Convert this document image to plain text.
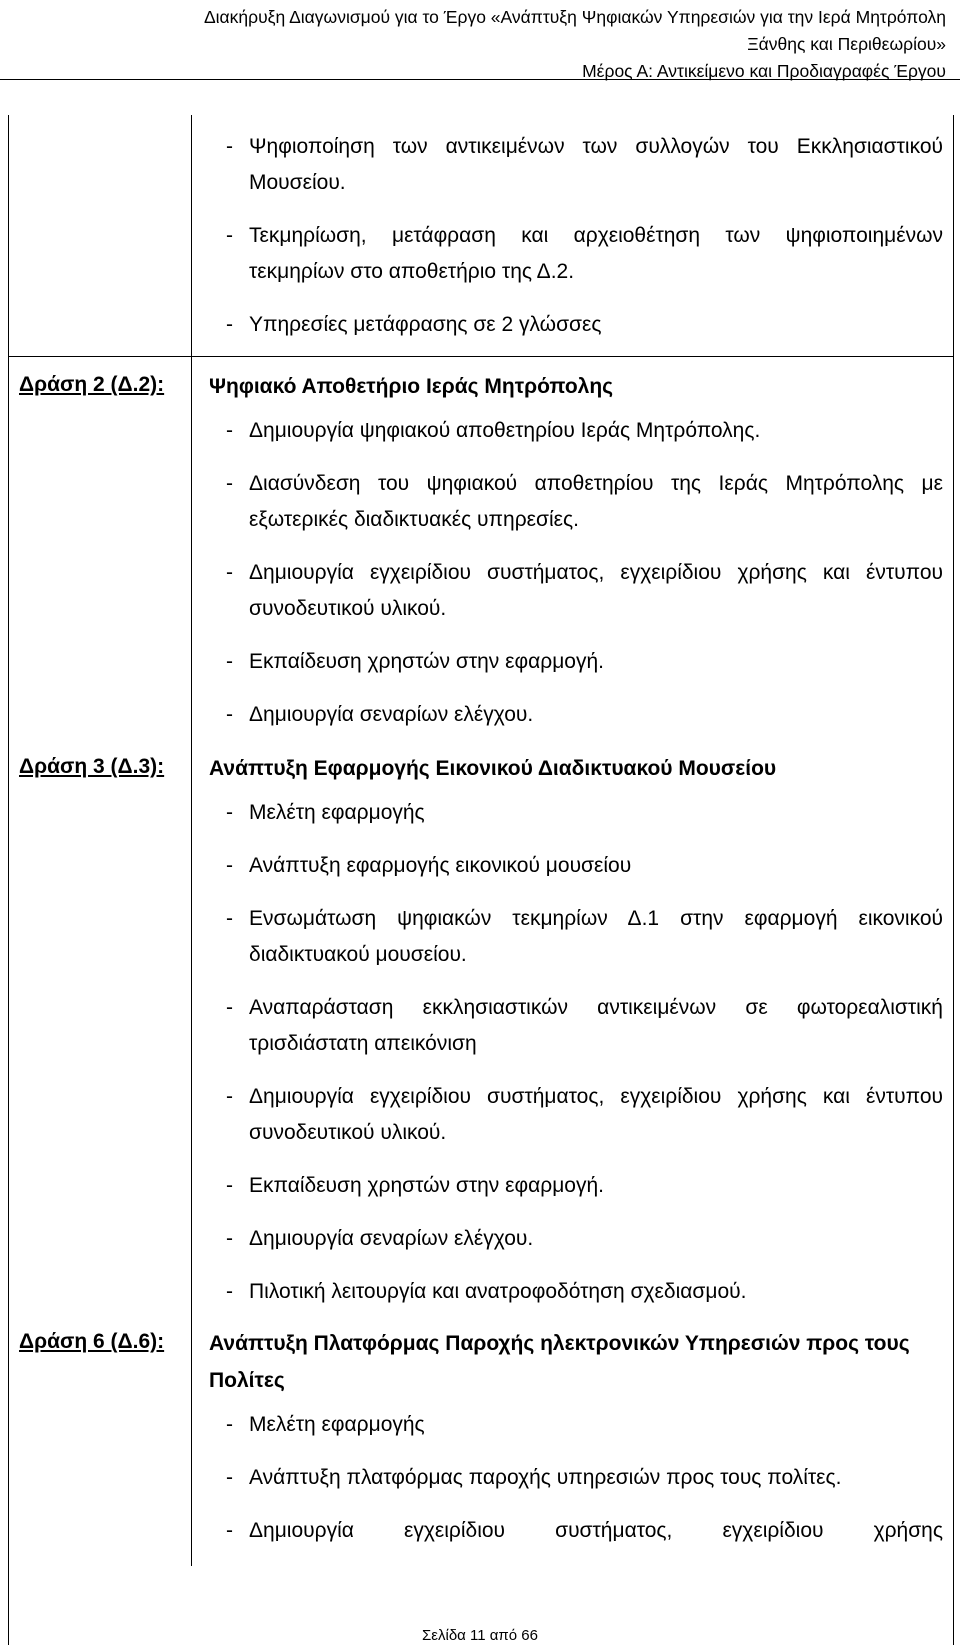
Διακήρυξη Διαγωνισμού για το Έργο «Ανάπτυξη Ψηφιακών Υπηρεσιών για την Ιερά Μητρόπολη
Ξάνθης και Περιθεωρίου»
Μέρος Α: Αντικείμενο και Προδιαγραφές Έργου
- Ψηφιοποίηση των αντικειμένων των συλλογών του Εκκλησιαστικού Μουσείου.
- Τεκμηρίωση, μετάφραση και αρχειοθέτηση των ψηφιοποιημένων τεκμηρίων στο αποθετήριο της Δ.2.
- Υπηρεσίες μετάφρασης σε 2 γλώσσες
Δράση 2 (Δ.2):	Ψηφιακό Αποθετήριο Ιεράς Μητρόπολης
- Δημιουργία ψηφιακού αποθετηρίου Ιεράς Μητρόπολης.
- Διασύνδεση του ψηφιακού αποθετηρίου της Ιεράς Μητρόπολης με εξωτερικές διαδικτυακές υπηρεσίες.
- Δημιουργία εγχειρίδιου συστήματος, εγχειρίδιου χρήσης και έντυπου συνοδευτικού υλικού.
- Εκπαίδευση χρηστών στην εφαρμογή.
- Δημιουργία σεναρίων ελέγχου.
Δράση 3 (Δ.3):	Ανάπτυξη Εφαρμογής Εικονικού Διαδικτυακού Μουσείου
- Μελέτη εφαρμογής
- Ανάπτυξη εφαρμογής εικονικού μουσείου
- Ενσωμάτωση ψηφιακών τεκμηρίων Δ.1 στην εφαρμογή εικονικού διαδικτυακού μουσείου.
- Αναπαράσταση εκκλησιαστικών αντικειμένων σε φωτορεαλιστική τρισδιάστατη απεικόνιση
- Δημιουργία εγχειρίδιου συστήματος, εγχειρίδιου χρήσης και έντυπου συνοδευτικού υλικού.
- Εκπαίδευση χρηστών στην εφαρμογή.
- Δημιουργία σεναρίων ελέγχου.
- Πιλοτική λειτουργία και ανατροφοδότηση σχεδιασμού.
Δράση 6 (Δ.6):	Ανάπτυξη Πλατφόρμας Παροχής ηλεκτρονικών Υπηρεσιών προς τους Πολίτες
- Μελέτη εφαρμογής
- Ανάπτυξη πλατφόρμας παροχής υπηρεσιών προς τους πολίτες.
- Δημιουργία εγχειρίδιου συστήματος, εγχειρίδιου χρήσης
Σελίδα 11 από 66
